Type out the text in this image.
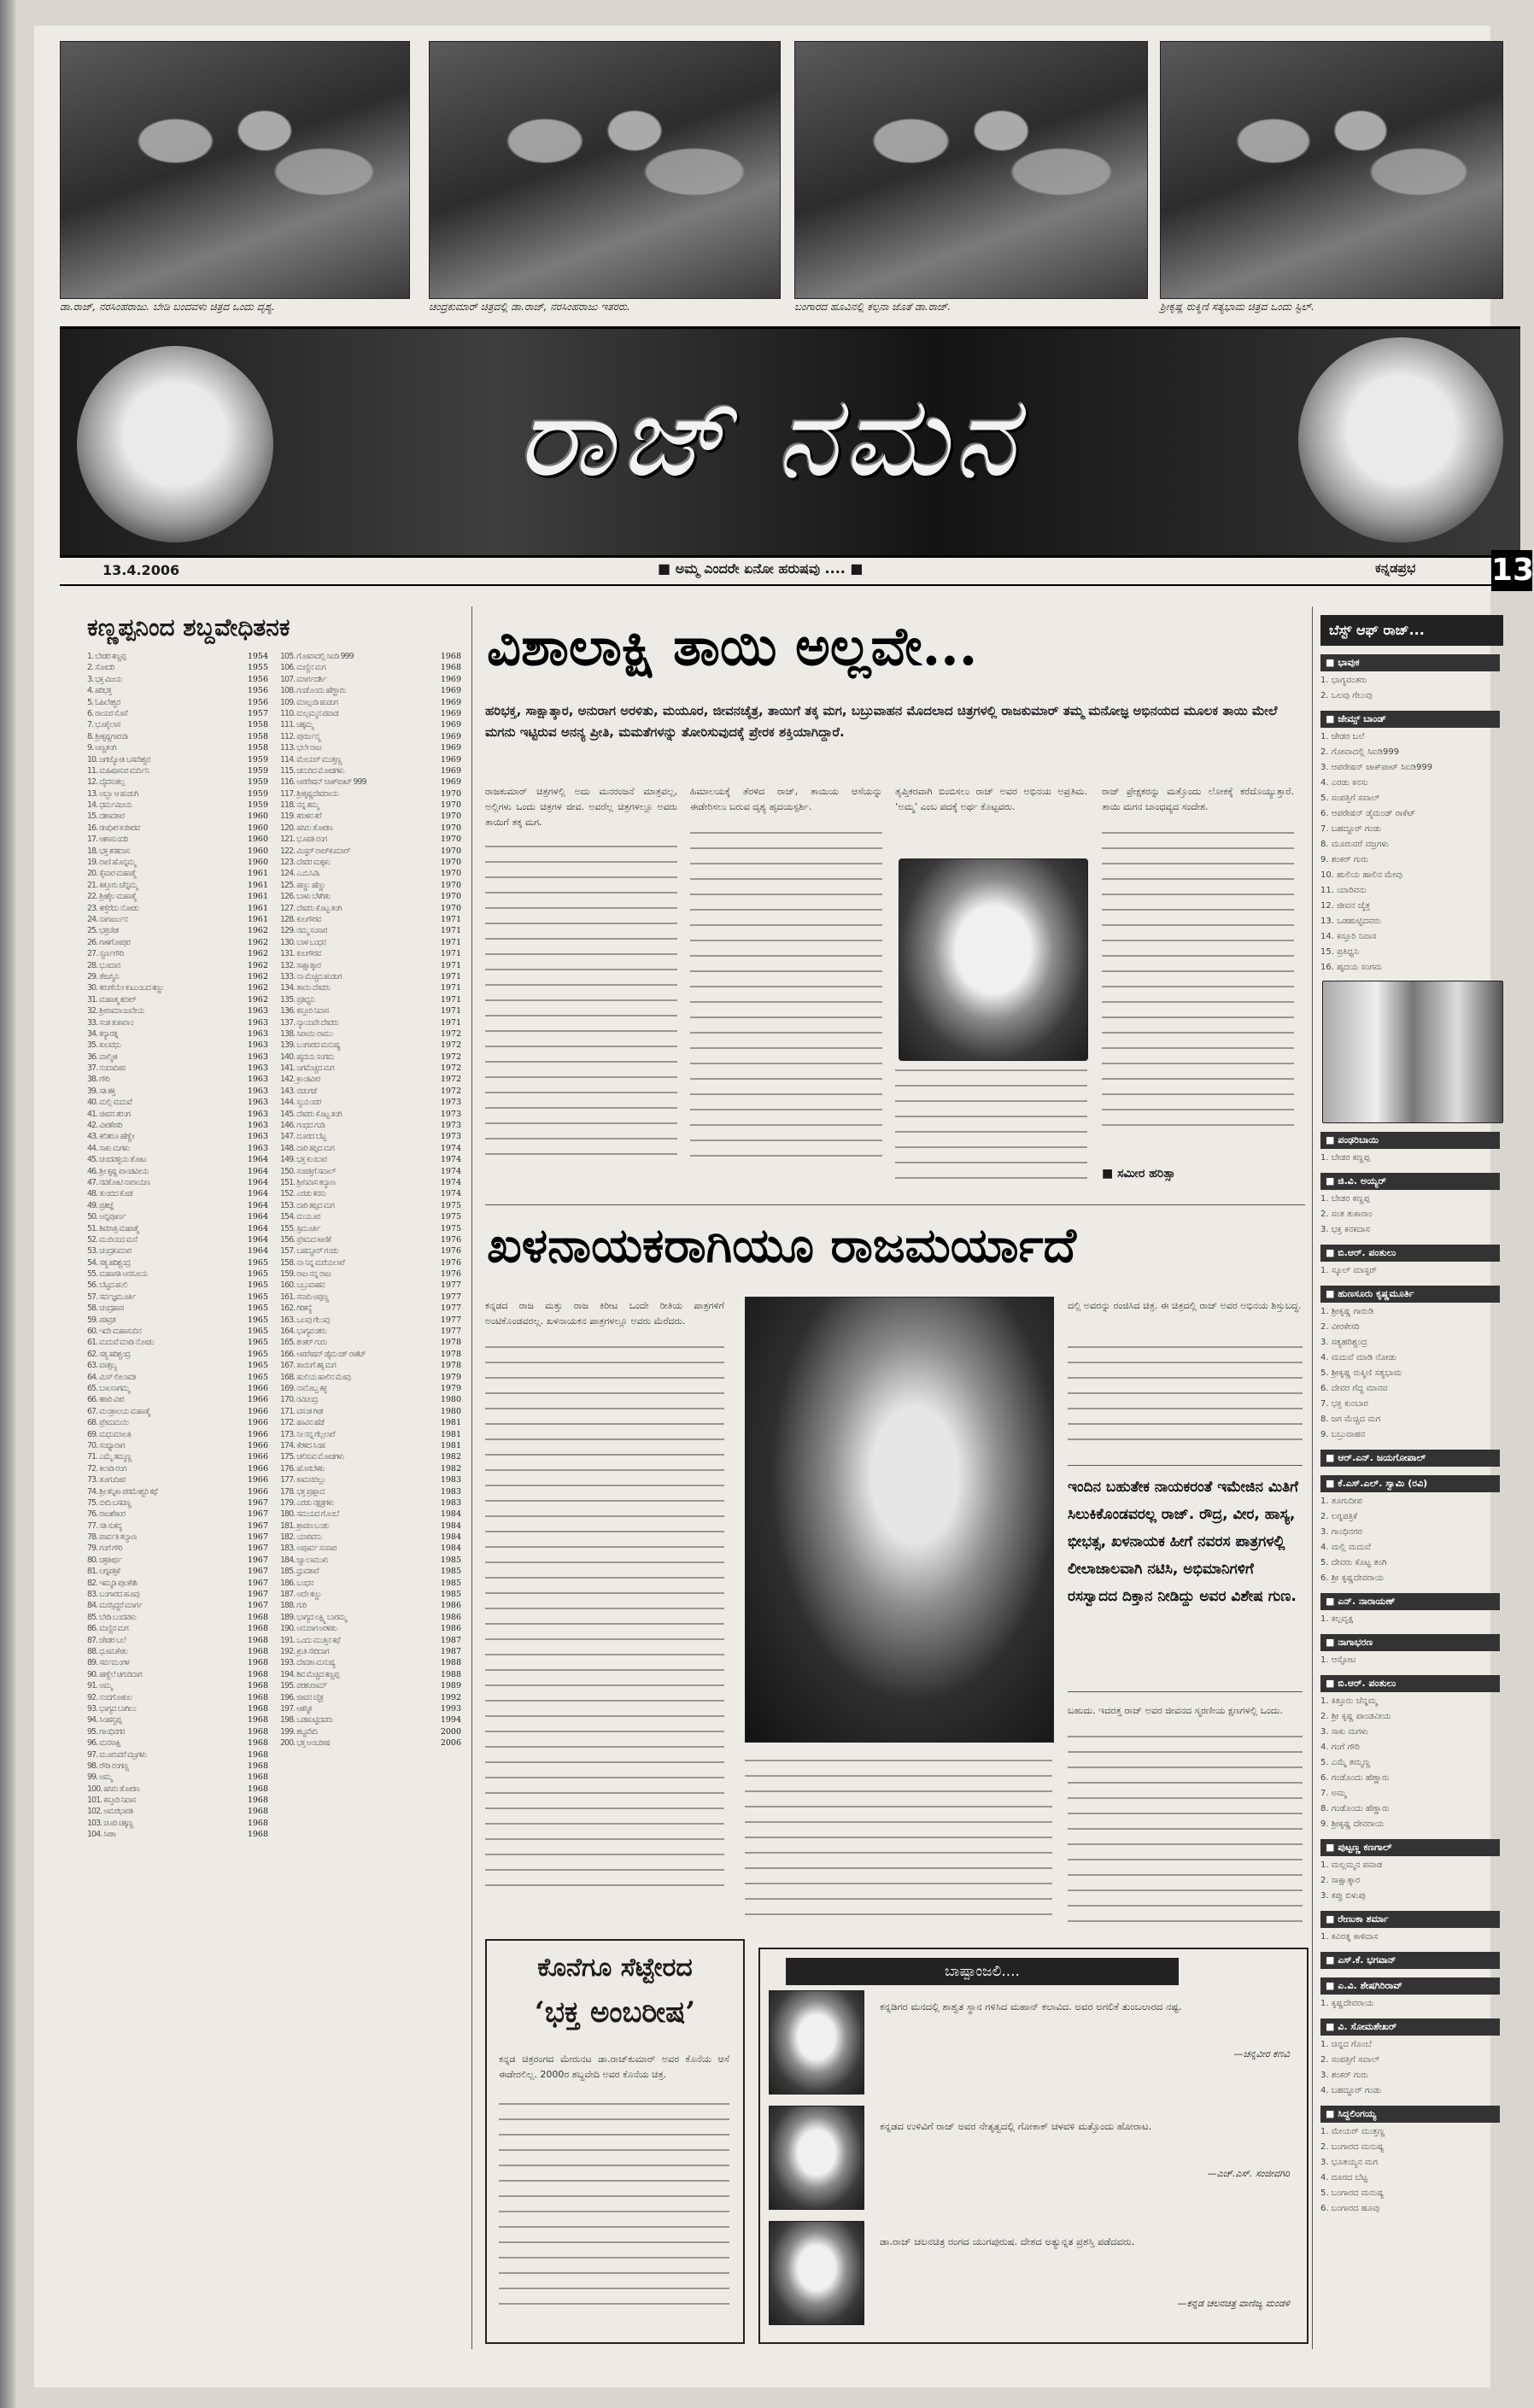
ಡಾ.ರಾಜ್, ನರಸಿಂಹರಾಜು. ಬೇಡಿ ಬಂದವಳು ಚಿತ್ರದ ಒಂದು ದೃಶ್ಯ.	ಚಂದ್ರಕುಮಾರ್ ಚಿತ್ರದಲ್ಲಿ ಡಾ.ರಾಜ್, ನರಸಿಂಹರಾಜು ಇತರರು.	ಬಂಗಾರದ ಹೂವಿನಲ್ಲಿ ಕಲ್ಪನಾ ಜೊತೆ ಡಾ.ರಾಜ್.	ಶ್ರೀಕೃಷ್ಣ ರುಕ್ಮಿಣಿ ಸತ್ಯಭಾಮ ಚಿತ್ರದ ಒಂದು ಸ್ಟಿಲ್.
ರಾಜ್ ನಮನ
13.4.2006	■ ಅಮ್ಮ ಎಂದರೇ ಏನೋ ಹರುಷವು .... ■	ಕನ್ನಡಪ್ರಭ 13
ಕಣ್ಣಪ್ಪನಿಂದ ಶಬ್ದವೇಧಿತನಕ
1. ಬೇಡರ ಕಣ್ಣಪ್ಪ	1954
2. ಸೋದರಿ	1955
3. ಭಕ್ತ ವಿಜಯ	1956
4. ಹರಿಭಕ್ತ	1956
5. ಓಹಿಲೇಶ್ವರ	1956
6. ರಾಯರ ಸೊಸೆ	1957
7. ಭೂಕೈಲಾಸ	1958
8. ಶ್ರೀಕೃಷ್ಣಗಾರುಡಿ	1958
9. ಅಣ್ಣತಂಗಿ	1958
10. ಜಗಜ್ಯೋತಿ ಬಸವೇಶ್ವರ	1959
11. ಮಹಿಷಾಸುರ ಮರ್ದಿನಿ	1959
12. ದೈವಸಂಕಲ್ಪ	1959
13. ಅಬ್ಬಾ ಆ ಹುಡುಗಿ	1959
14. ಧರ್ಮವಿಜಯ	1959
15. ದಶಾವತಾರ	1960
16. ರಣಧೀರ ಕಂಠೀರವ	1960
17. ಆಶಾಸುಂದರಿ	1960
18. ಭಕ್ತ ಕನಕದಾಸ	1960
19. ರಾಣಿ ಹೊನ್ನಮ್ಮ	1960
20. ಕೈವಾರ ಮಹಾತ್ಮೆ	1961
21. ಕಿತ್ತೂರು ಚೆನ್ನಮ್ಮ	1961
22. ಶ್ರೀಶೈಲ ಮಹಾತ್ಮೆ	1961
23. ಕಣ್ತೆರೆದು ನೋಡು	1961
24. ನಾಗಾರ್ಜುನ	1961
25. ಭಕ್ತಚೇತ	1962
26. ಗಾಳಿಗೋಪುರ	1962
27. ಸ್ವರ್ಣಗೌರಿ	1962
28. ಭೂದಾನ	1962
29. ತೇಜಸ್ವಿನಿ	1962
30. ಕರುಣೆಯೇ ಕುಟುಂಬದ ಕಣ್ಣು	1962
31. ಮಹಾತ್ಮ ಕಬೀರ್	1962
32. ಶ್ರೀರಾಮಾಂಜನೇಯ	1963
33. ಸಂತ ತುಕಾರಾಂ	1963
34. ಕನ್ಯಾರತ್ನ	1963
35. ಕುಲವಧು	1963
36. ವಾಲ್ಮೀಕಿ	1963
37. ನಂದಾದೀಪ	1963
38. ಗೌರಿ	1963
39. ಸತಿ ಶಕ್ತಿ	1963
40. ಮಲ್ಲಿ ಮದುವೆ	1963
41. ಜೀವನ ತರಂಗ	1963
42. ವೀರಕೇಸರಿ	1963
43. ಕಲಿತರೂ ಹೆಣ್ಣೇ	1963
44. ಸಾಕು ಮಗಳು	1963
45. ಚಂದವಳ್ಳಿಯ ತೋಟ	1964
46. ಶ್ರೀ ಕೃಷ್ಣ ಪಾಂಡವೀಯ	1964
47. ನವಕೋಟಿ ನಾರಾಯಣ	1964
48. ತುಂಬಿದ ಕೊಡ	1964
49. ಪ್ರತಿಜ್ಞೆ	1964
50. ಅನ್ನಪೂರ್ಣ	1964
51. ಶಿವರಾತ್ರಿ ಮಹಾತ್ಮೆ	1964
52. ಮುರಿಯದ ಮನೆ	1964
53. ಚಂದ್ರಕುಮಾರ	1964
54. ಸತ್ಯ ಹರಿಶ್ಚಂದ್ರ	1965
55. ಮಹಾಸತಿ ಅನಸೂಯ	1965
56. ಬೆಟ್ಟದ ಹುಲಿ	1965
57. ಸರ್ವಜ್ಞಮೂರ್ತಿ	1965
58. ಚಂದ್ರಹಾಸ	1965
59. ಪತಿವ್ರತ	1965
60. ಇದೇ ಮಹಾಸುದಿನ	1965
61. ಮದುವೆ ಮಾಡಿ ನೋಡು	1965
62. ಸತ್ಯ ಹರಿಶ್ಚಂದ್ರ	1965
63. ವಾತ್ಸಲ್ಯ	1965
64. ಮಿಸ್ ಲೀಲಾವತಿ	1965
65. ಬಾಲನಾಗಮ್ಮ	1966
66. ಕಠಾರಿ ವೀರ	1966
67. ಮಂತ್ರಾಲಯ ಮಹಾತ್ಮೆ	1966
68. ಪ್ರೇಮಮಯಿ	1966
69. ಮಧುಮಾಲತಿ	1966
70. ಸಂಧ್ಯಾರಾಗ	1966
71. ಎಮ್ಮೆ ತಮ್ಮಣ್ಣ	1966
72. ಕಿಲಾಡಿ ರಂಗ	1966
73. ತೂಗುದೀಪ	1966
74. ಶ್ರೀ ಕನ್ನಿಕಾ ಪರಮೇಶ್ವರಿ ಕಥೆ	1966
75. ಬೀದಿ ಬಸವಣ್ಣ	1967
76. ರಾಜಶೇಖರ	1967
77. ಸತಿ ಸುಕನ್ಯ	1967
78. ಪಾರ್ವತಿ ಕಲ್ಯಾಣ	1967
79. ಗಂಗೆ ಗೌರಿ	1967
80. ಚಕ್ರತೀರ್ಥ	1967
81. ಲಗ್ನಪತ್ರಿಕೆ	1967
82. ಇಮ್ಮಡಿ ಪುಲಕೇಶಿ	1967
83. ಬಂಗಾರದ ಹೂವು	1967
84. ಮನಸ್ಸಿದ್ದರೆ ಮಾರ್ಗ	1967
85. ಬೇಡಿ ಬಂದವಳು	1968
86. ಮಣ್ಣಿನ ಮಗ	1968
87. ಜೇಡರ ಬಲೆ	1968
88. ಧೂಮಕೇತು	1968
89. ಸರ್ವಮಂಗಳ	1968
90. ಹಣ್ಣೆಲೆ ಚಿಗುರಿದಾಗ	1968
91. ಅಮ್ಮ	1968
92. ನಂದಗೋಕುಲ	1968
93. ಭಾಗ್ಯದ ಬಾಗಿಲು	1968
94. ಸಿಂಹಸ್ವಪ್ನ	1968
95. ಗಾಂಧಿನಗರ	1968
96. ಮನಸಾಕ್ಷಿ	1968
97. ಮೂರುವರೆ ವಜ್ರಗಳು	1968
98. ರೌಡಿ ರಂಗಣ್ಣ	1968
99. ಅಮ್ಮ	1968
100. ಹಸಿರು ತೋರಣ	1968
101. ಕಸ್ತೂರಿ ನಿವಾಸ	1968
102. ಅಮರಭಾರತಿ	1968
103. ಚೂರಿ ಚಿಕ್ಕಣ್ಣ	1968
104. ಸೀತಾ	1968
105. ಗೋವಾದಲ್ಲಿ ಸಿಐಡಿ 999	1968
106. ಮಣ್ಣಿನ ಮಗ	1968
107. ಮಾರ್ಗದರ್ಶಿ	1969
108. ಗಂಡೊಂದು ಹೆಣ್ಣಾರು	1969
109. ಮಾಲ್ಗುಡಿ ಹುಡುಗ	1969
110. ಮಲ್ಲಮ್ಮನ ಪವಾಡ	1969
111. ಚಿಕ್ಕಮ್ಮ	1969
112. ಪುನರ್ಜನ್ಮ	1969
113. ಭಲೇ ರಾಜ	1969
114. ಮೇಯರ್ ಮುತ್ತಣ್ಣ	1969
115. ಚದುರಿದ ಮೋಡಗಳು	1969
116. ಆಪರೇಷನ್ ಜಾಕ್‌ಪಾಟ್ 999	1969
117. ಶ್ರೀಕೃಷ್ಣದೇವರಾಯ	1970
118. ನನ್ನ ತಮ್ಮ	1970
119. ಕರುಳಿನ ಕರೆ	1970
120. ಹಸಿರು ತೋರಣ	1970
121. ಭೂಪತಿ ರಂಗ	1970
122. ಮಿಸ್ಟರ್ ರಾಜ್‌ಕುಮಾರ್	1970
123. ದೇವರ ಮಕ್ಕಳು	1970
124. ಎ.ಬಿ.ಸಿ.ಡಿ.	1970
125. ಹಣ್ಣು ಹೆಣ್ಣು	1970
126. ಬಾಳು ಬೆಳಗಿತು	1970
127. ದೇವರು ಕೊಟ್ಟ ತಂಗಿ	1970
128. ಕುಲಗೌರವ	1971
129. ನಮ್ಮ ಸಂಸಾರ	1971
130. ಬಾಳ ಬಂಧನ	1971
131. ಕುಲಗೌರವ	1971
132. ಸಾಕ್ಷಾತ್ಕಾರ	1971
133. ನಾ ಮೆಚ್ಚಿದ ಹುಡುಗ	1971
134. ತಾಯಿ ದೇವರು	1971
135. ಪ್ರತಿಧ್ವನಿ	1971
136. ಕಸ್ತೂರಿ ನಿವಾಸ	1971
137. ನ್ಯಾಯವೇ ದೇವರು	1971
138. ಸಿಪಾಯಿ ರಾಮು	1972
139. ಬಂಗಾರದ ಮನುಷ್ಯ	1972
140. ಹೃದಯ ಸಂಗಮ	1972
141. ಜಗಮೆಚ್ಚಿದ ಮಗ	1972
142. ಕ್ರಾಂತಿವೀರ	1972
143. ಬಿಡುಗಡೆ	1972
144. ಸ್ವಯಂವರ	1973
145. ದೇವರು ಕೊಟ್ಟ ತಂಗಿ	1973
146. ಗಂಧದ ಗುಡಿ	1973
147. ದೂರದ ಬೆಟ್ಟ	1973
148. ದಾರಿ ತಪ್ಪಿದ ಮಗ	1974
149. ಭಕ್ತ ಕುಂಬಾರ	1974
150. ಸಂಪತ್ತಿಗೆ ಸವಾಲ್	1974
151. ಶ್ರೀನಿವಾಸ ಕಲ್ಯಾಣ	1974
152. ಎರಡು ಕನಸು	1974
153. ದಾರಿ ತಪ್ಪಿದ ಮಗ	1975
154. ಮಯೂರ	1975
155. ತ್ರಿಮೂರ್ತಿ	1975
156. ಪ್ರೇಮದ ಕಾಣಿಕೆ	1976
157. ಬಹದ್ದೂರ್ ಗಂಡು	1976
158. ನಾ ನಿನ್ನ ಮರೆಯಲಾರೆ	1976
159. ರಾಜ ನನ್ನ ರಾಜ	1976
160. ಬಬ್ರುವಾಹನ	1977
161. ಸನಾದಿ ಅಪ್ಪಣ್ಣ	1977
162. ಗಿರಿಕನ್ಯೆ	1977
163. ಒಲವು ಗೆಲುವು	1977
164. ಭಾಗ್ಯವಂತರು	1977
165. ಶಂಕರ್ ಗುರು	1978
166. ಆಪರೇಷನ್ ಡೈಮಂಡ್ ರಾಕೆಟ್	1978
167. ತಾಯಿಗೆ ತಕ್ಕ ಮಗ	1978
168. ಹುಲಿಯ ಹಾಲಿನ ಮೇವು	1979
169. ನಾನೊಬ್ಬ ಕಳ್ಳ	1979
170. ರವಿಚಂದ್ರ	1980
171. ವಸಂತ ಗೀತ	1980
172. ಹಾವಿನ ಹೆಡೆ	1981
173. ನೀ ನನ್ನ ಗೆಲ್ಲಲಾರೆ	1981
174. ಕೆರಳಿದ ಸಿಂಹ	1981
175. ಚಲಿಸುವ ಮೋಡಗಳು	1982
176. ಹೊಸಬೆಳಕು	1982
177. ಕಾಮನಬಿಲ್ಲು	1983
178. ಭಕ್ತ ಪ್ರಹ್ಲಾದ	1983
179. ಎರಡು ನಕ್ಷತ್ರಗಳು	1983
180. ಸಮಯದ ಗೊಂಬೆ	1984
181. ಶ್ರಾವಣ ಬಂತು	1984
182. ಯಾರಿವನು	1984
183. ಅಪೂರ್ವ ಸಂಸಾರ	1984
184. ಜ್ವಾಲಾಮುಖಿ	1985
185. ಧ್ರುವತಾರೆ	1985
186. ಬಂಧನ	1985
187. ಅದೇ ಕಣ್ಣು	1985
188. ಗುರಿ	1986
189. ಭಾಗ್ಯದ ಲಕ್ಷ್ಮಿ ಬಾರಮ್ಮ	1986
190. ಅನುರಾಗ ಅರಳಿತು	1986
191. ಒಂದು ಮುತ್ತಿನ ಕಥೆ	1987
192. ಶ್ರುತಿ ಸೇರಿದಾಗ	1987
193. ದೇವತಾ ಮನುಷ್ಯ	1988
194. ಶಿವ ಮೆಚ್ಚಿದ ಕಣ್ಣಪ್ಪ	1988
195. ಪರಶುರಾಮ್	1989
196. ಜೀವನ ಚೈತ್ರ	1992
197. ಆಕಸ್ಮಿಕ	1993
198. ಒಡಹುಟ್ಟಿದವರು	1994
199. ಶಬ್ದವೇದಿ	2000
200. ಭಕ್ತ ಅಂಬರೀಷ	2006
ವಿಶಾಲಾಕ್ಷಿ ತಾಯಿ ಅಲ್ಲವೇ...
ಹರಿಭಕ್ತ, ಸಾಕ್ಷಾತ್ಕಾರ, ಅನುರಾಗ ಅರಳಿತು, ಮಯೂರ, ಜೀವನಚೈತ್ರ, ತಾಯಿಗೆ ತಕ್ಕ ಮಗ, ಬಬ್ರುವಾಹನ ಮೊದಲಾದ ಚಿತ್ರಗಳಲ್ಲಿ ರಾಜಕುಮಾರ್ ತಮ್ಮ ಮನೋಜ್ಞ ಅಭಿನಯದ ಮೂಲಕ ತಾಯಿ ಮೇಲೆ ಮಗನು ಇಟ್ಟಿರುವ ಅನನ್ಯ ಪ್ರೀತಿ, ಮಮತೆಗಳನ್ನು ತೋರಿಸುವುದಕ್ಕೆ ಪ್ರೇರಕ ಶಕ್ತಿಯಾಗಿದ್ದಾರೆ.
ರಾಜಕುಮಾರ್ ಚಿತ್ರಗಳಲ್ಲಿ ಅದು ಮನರಂಜನೆ ಮಾತ್ರವಲ್ಲ, ಅಲ್ಲಿಗಳು ಒಂದು ಚಿತ್ರಗಳ ಜೀವ. ಅವರೆಲ್ಲ ಚಿತ್ರಗಳಲ್ಲೂ ಅವರು ತಾಯಿಗೆ ತಕ್ಕ ಮಗ.
ಹಿಮಾಲಯಕ್ಕೆ ತೆರಳಿದ ರಾಜ್, ತಾಯಿಯ ಆಸೆಯನ್ನು ಈಡೇರಿಸಲು ಬರುವ ದೃಶ್ಯ ಹೃದಯಸ್ಪರ್ಶಿ.
ತೃಪ್ತಿಕರವಾಗಿ ಬಿಂಬಿಸಲು ರಾಜ್ ಅವರ ಅಭಿನಯ ಅಪ್ರತಿಮ. ‘ಅಮ್ಮ’ ಎಂಬ ಪದಕ್ಕೆ ಅರ್ಥ ಕೊಟ್ಟವರು.
ರಾಜ್ ಪ್ರೇಕ್ಷಕರನ್ನು ಮತ್ತೊಂದು ಲೋಕಕ್ಕೆ ಕರೆದೊಯ್ಯುತ್ತಾರೆ. ತಾಯಿ ಮಗನ ಬಾಂಧವ್ಯದ ಸಂದೇಶ.
■ ಸಮೀರ ಹರಿತ್ಸಾ
ಖಳನಾಯಕರಾಗಿಯೂ ರಾಜಮರ್ಯಾದೆ
ಕನ್ನಡದ ರಾಜ ಮತ್ತು ರಾಜ ಕಿರೀಟ ಒಂದೇ ರೀತಿಯ ಪಾತ್ರಗಳಿಗೆ ಅಂಟಿಕೊಂಡವರಲ್ಲ. ಖಳನಾಯಕನ ಪಾತ್ರಗಳಲ್ಲೂ ಅವರು ಮೆರೆದರು.
ದಲ್ಲಿ ಅವರನ್ನು ರಂಜಿಸಿದ ಚಿತ್ರ. ಈ ಚಿತ್ರದಲ್ಲಿ ರಾಜ್ ಅವರ ಅಭಿನಯ ಶಿಸ್ತುಬದ್ಧ.
ಇಂದಿನ ಬಹುತೇಕ ನಾಯಕರಂತೆ ಇಮೇಜಿನ ಮಿತಿಗೆ ಸಿಲುಕಿಕೊಂಡವರಲ್ಲ ರಾಜ್. ರೌದ್ರ, ವೀರ, ಹಾಸ್ಯ, ಭೀಭತ್ಸ, ಖಳನಾಯಕ ಹೀಗೆ ನವರಸ ಪಾತ್ರಗಳಲ್ಲಿ ಲೀಲಾಜಾಲವಾಗಿ ನಟಿಸಿ, ಅಭಿಮಾನಿಗಳಿಗೆ ರಸಸ್ವಾದದ ದಿಕ್ತಾನ ನೀಡಿದ್ದು ಅವರ ವಿಶೇಷ ಗುಣ.
ಬಹುದು. ಇದರತ್ತ ರಾಜ್ ಅವರ ಜೀವನದ ಸ್ಮರಣೀಯ ಕ್ಷಣಗಳಲ್ಲಿ ಒಂದು.
ಕೊನೆಗೂ ಸೆಟ್ಟೇರದ
‘ಭಕ್ತ ಅಂಬರೀಷ’
ಕನ್ನಡ ಚಿತ್ರರಂಗದ ಮೇರುನಟ ಡಾ.ರಾಜ್‌ಕುಮಾರ್ ಅವರ ಕೊನೆಯ ಆಸೆ ಈಡೇರಲಿಲ್ಲ. 2000ರ ಶಬ್ದವೇದಿ ಅವರ ಕೊನೆಯ ಚಿತ್ರ.
ಬಾಷ್ಪಾಂಜಲಿ....
ಕನ್ನಡಿಗರ ಮನದಲ್ಲಿ ಶಾಶ್ವತ ಸ್ಥಾನ ಗಳಿಸಿದ ಮಹಾನ್ ಕಲಾವಿದ. ಅವರ ಅಗಲಿಕೆ ತುಂಬಲಾರದ ನಷ್ಟ.
—ಚನ್ನವೀರ ಕಣವಿ
ಕನ್ನಡದ ಉಳಿವಿಗೆ ರಾಜ್ ಅವರ ನೇತೃತ್ವದಲ್ಲಿ ಗೋಕಾಕ್ ಚಳವಳಿ ಮತ್ತೊಂದು ಹೋರಾಟ.
—ಎಚ್.ಎಸ್. ಸಂಜೀವಗಿರಿ
ಡಾ.ರಾಜ್ ಚಲನಚಿತ್ರ ರಂಗದ ಯುಗಪುರುಷ. ದೇಶದ ಅತ್ಯುನ್ನತ ಪ್ರಶಸ್ತಿ ಪಡೆದವರು.
—ಕನ್ನಡ ಚಲನಚಿತ್ರ ವಾಣಿಜ್ಯ ಮಂಡಳಿ
ಬೆಸ್ಟ್ ಆಫ್ ರಾಜ್...
■ ಭಾವುಕ
1. ಭಾಗ್ಯವಂತರು
2. ಒಲವು ಗೆಲುವು
■ ಜೇಮ್ಸ್ ಬಾಂಡ್
1. ಜೇಡರ ಬಲೆ
2. ಗೋವಾದಲ್ಲಿ ಸಿಐಡಿ999
3. ಆಪರೇಷನ್ ಜಾಕ್‌ಪಾಟ್ ಸಿಐಡಿ999
4. ಎರಡು ಕನಸು
5. ಸಂಪತ್ತಿಗೆ ಸವಾಲ್
6. ಆಪರೇಷನ್ ಡೈಮಂಡ್ ರಾಕೆಟ್
7. ಬಹದ್ದೂರ್ ಗಂಡು
8. ಮೂರುವರೆ ವಜ್ರಗಳು
9. ಶಂಕರ್ ಗುರು
10. ಹುಲಿಯ ಹಾಲಿನ ಮೇವು
11. ಯಾರಿವನು
12. ಜೀವನ ಚೈತ್ರ
13. ಒಡಹುಟ್ಟಿದವರು
14. ಕಸ್ತೂರಿ ನಿವಾಸ
15. ಪ್ರತಿಧ್ವನಿ
16. ಹೃದಯ ಸಂಗಮ
■ ಪಂಢರಿಬಾಯಿ
1. ಬೇಡರ ಕಣ್ಣಪ್ಪ
■ ಜಿ.ವಿ. ಅಯ್ಯರ್
1. ಬೇಡರ ಕಣ್ಣಪ್ಪ
2. ಸಂತ ತುಕಾರಾಂ
3. ಭಕ್ತ ಕನಕದಾಸ
■ ಬಿ.ಆರ್. ಪಂತುಲು
1. ಸ್ಕೂಲ್ ಮಾಸ್ಟರ್
■ ಹುಣಸೂರು ಕೃಷ್ಣಮೂರ್ತಿ
1. ಶ್ರೀಕೃಷ್ಣ ಗಾರುಡಿ
2. ವೀರಕೇಸರಿ
3. ಸತ್ಯಹರಿಶ್ಚಂದ್ರ
4. ಮದುವೆ ಮಾಡಿ ನೋಡು
5. ಶ್ರೀಕೃಷ್ಣ ರುಕ್ಮಿಣಿ ಸತ್ಯಭಾಮ
6. ದೇವರ ಗೆದ್ದ ಮಾನವ
7. ಭಕ್ತ ಕುಂಬಾರ
8. ಜಗ ಮೆಚ್ಚಿದ ಮಗ
9. ಬಬ್ರುವಾಹನ
■ ಆರ್.ಎನ್. ಜಯಗೋಪಾಲ್
■ ಕೆ.ಎಸ್.ಎಲ್. ಸ್ವಾಮಿ (ರವಿ)
1. ತೂಗುದೀಪ
2. ಲಗ್ನಪತ್ರಿಕೆ
3. ಗಾಂಧಿನಗರ
4. ಮಲ್ಲಿ ಮದುವೆ
5. ದೇವರು ಕೊಟ್ಟ ತಂಗಿ
6. ಶ್ರೀ ಕೃಷ್ಣದೇವರಾಯ
■ ಎನ್. ನಾರಾಯಣ್
1. ಕಲ್ಪವೃಕ್ಷ
■ ನಾಗಾಭರಣ
1. ಆಸ್ಫೋಟ
■ ಬಿ.ಆರ್. ಪಂತುಲು
1. ಕಿತ್ತೂರು ಚೆನ್ನಮ್ಮ
2. ಶ್ರೀ ಕೃಷ್ಣ ಪಾಂಡವೀಯ
3. ಸಾಕು ಮಗಳು
4. ಗಂಗೆ ಗೌರಿ
5. ಎಮ್ಮೆ ತಮ್ಮಣ್ಣ
6. ಗಂಡೊಂದು ಹೆಣ್ಣಾರು
7. ಅಮ್ಮ
8. ಗಂಡೊಂದು ಹೆಣ್ಣಾರು
9. ಶ್ರೀಕೃಷ್ಣ ದೇವರಾಯ
■ ಪುಟ್ಟಣ್ಣ ಕಣಗಾಲ್
1. ಮಲ್ಲಮ್ಮನ ಪವಾಡ
2. ಸಾಕ್ಷಾತ್ಕಾರ
3. ಕಪ್ಪು ಬಿಳುಪು
■ ರೇಣುಕಾ ಶರ್ಮಾ
1. ಕವಿರತ್ನ ಕಾಳಿದಾಸ
■ ಎಸ್.ಕೆ. ಭಗವಾನ್
■ ಎ.ವಿ. ಶೇಷಗಿರಿರಾವ್
1. ಕೃಷ್ಣದೇವರಾಯ
■ ವಿ. ಸೋಮಶೇಖರ್
1. ಚಿನ್ನದ ಗೊಂಬೆ
2. ಸಂಪತ್ತಿಗೆ ಸವಾಲ್
3. ಶಂಕರ್ ಗುರು
4. ಬಹದ್ದೂರ್ ಗಂಡು
■ ಸಿದ್ದಲಿಂಗಯ್ಯ
1. ಮೇಯರ್ ಮುತ್ತಣ್ಣ
2. ಬಂಗಾರದ ಮನುಷ್ಯ
3. ಭೂತಯ್ಯನ ಮಗ
4. ದೂರದ ಬೆಟ್ಟ
5. ಬಂಗಾರದ ಮನುಷ್ಯ
6. ಬಂಗಾರದ ಹೂವು
